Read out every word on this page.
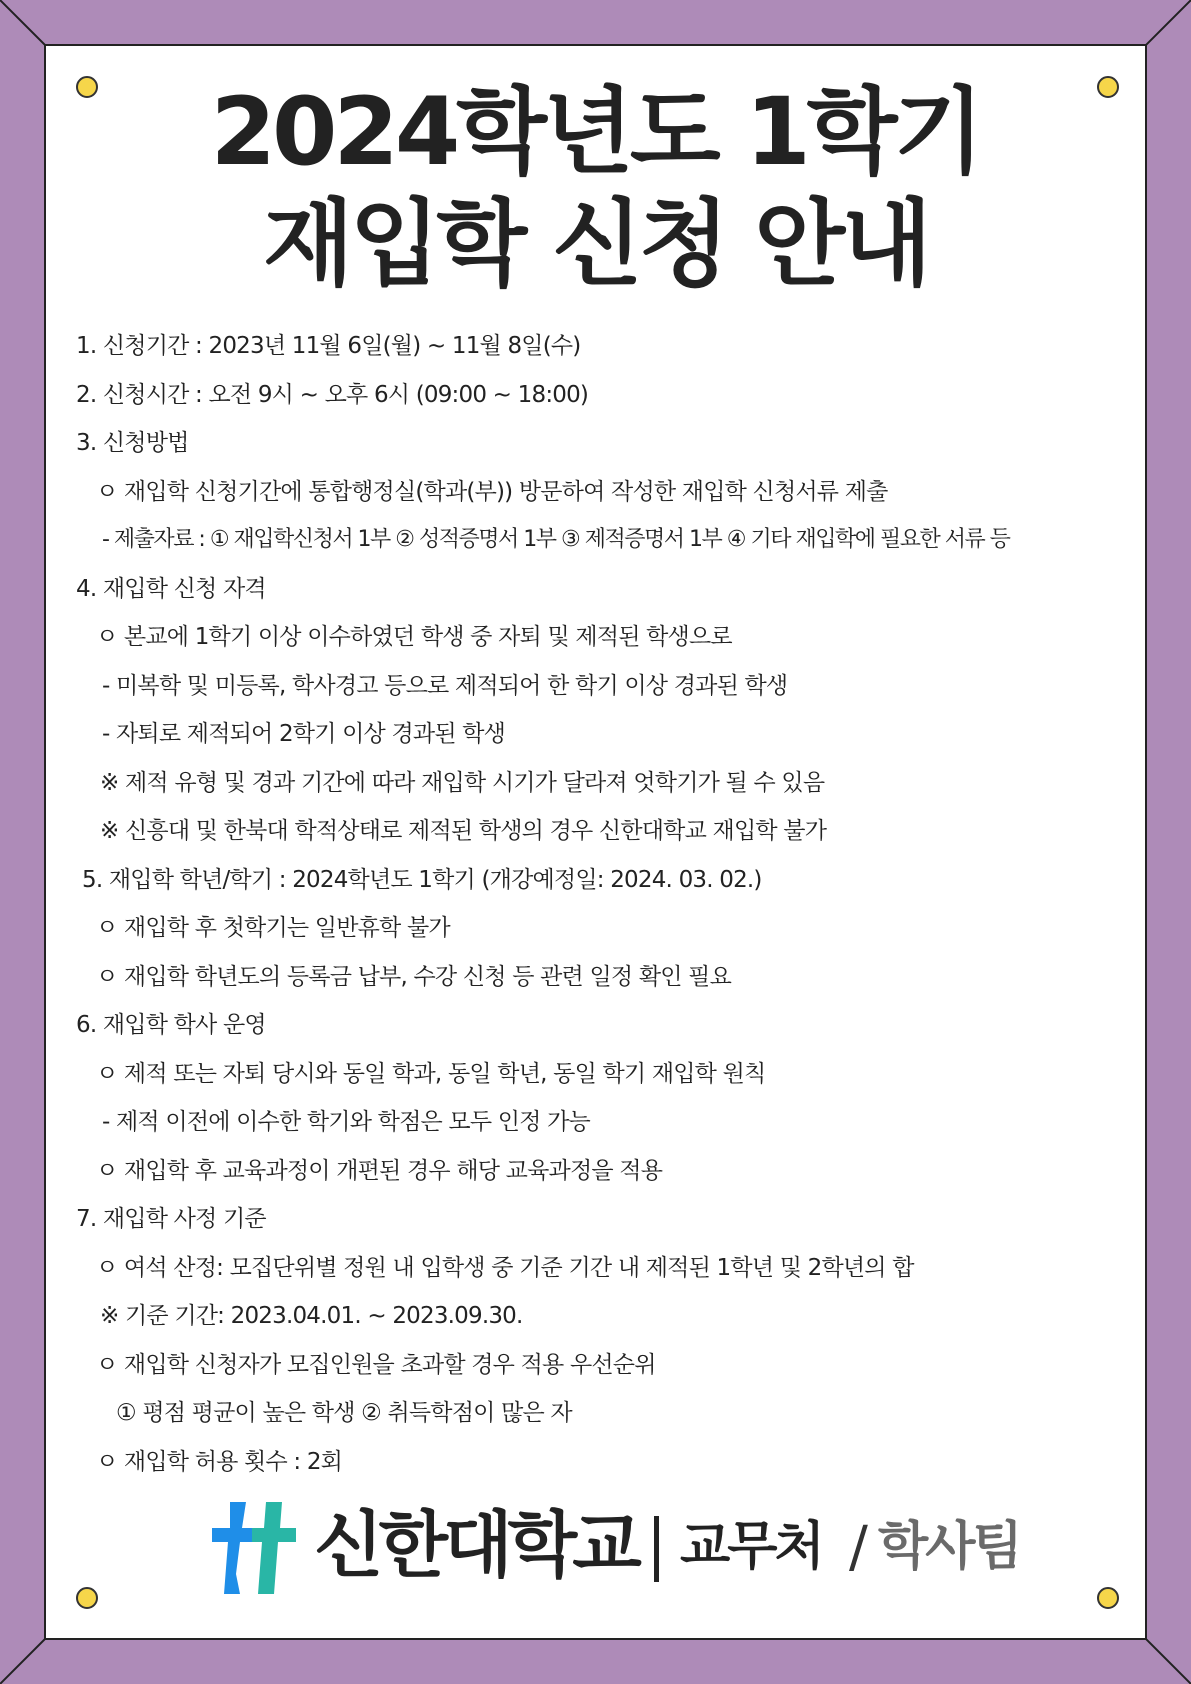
2024학년도 1학기
재입학 신청 안내
1. 신청기간 : 2023년 11월 6일(월) ~ 11월 8일(수)
2. 신청시간 : 오전 9시 ~ 오후 6시 (09:00 ~ 18:00)
3. 신청방법
ㅇ 재입학 신청기간에 통합행정실(학과(부)) 방문하여 작성한 재입학 신청서류 제출
- 제출자료 : ① 재입학신청서 1부 ② 성적증명서 1부 ③ 제적증명서 1부 ④ 기타 재입학에 필요한 서류 등
4. 재입학 신청 자격
ㅇ 본교에 1학기 이상 이수하였던 학생 중 자퇴 및 제적된 학생으로
- 미복학 및 미등록, 학사경고 등으로 제적되어 한 학기 이상 경과된 학생
- 자퇴로 제적되어 2학기 이상 경과된 학생
※ 제적 유형 및 경과 기간에 따라 재입학 시기가 달라져 엇학기가 될 수 있음
※ 신흥대 및 한북대 학적상태로 제적된 학생의 경우 신한대학교 재입학 불가
5. 재입학 학년/학기 : 2024학년도 1학기 (개강예정일: 2024. 03. 02.)
ㅇ 재입학 후 첫학기는 일반휴학 불가
ㅇ 재입학 학년도의 등록금 납부, 수강 신청 등 관련 일정 확인 필요
6. 재입학 학사 운영
ㅇ 제적 또는 자퇴 당시와 동일 학과, 동일 학년, 동일 학기 재입학 원칙
- 제적 이전에 이수한 학기와 학점은 모두 인정 가능
ㅇ 재입학 후 교육과정이 개편된 경우 해당 교육과정을 적용
7. 재입학 사정 기준
ㅇ 여석 산정: 모집단위별 정원 내 입학생 중 기준 기간 내 제적된 1학년 및 2학년의 합
※ 기준 기간: 2023.04.01. ~ 2023.09.30.
ㅇ 재입학 신청자가 모집인원을 초과할 경우 적용 우선순위
① 평점 평균이 높은 학생 ② 취득학점이 많은 자
ㅇ 재입학 허용 횟수 : 2회
신한대학교 교무처 / 학사팀
